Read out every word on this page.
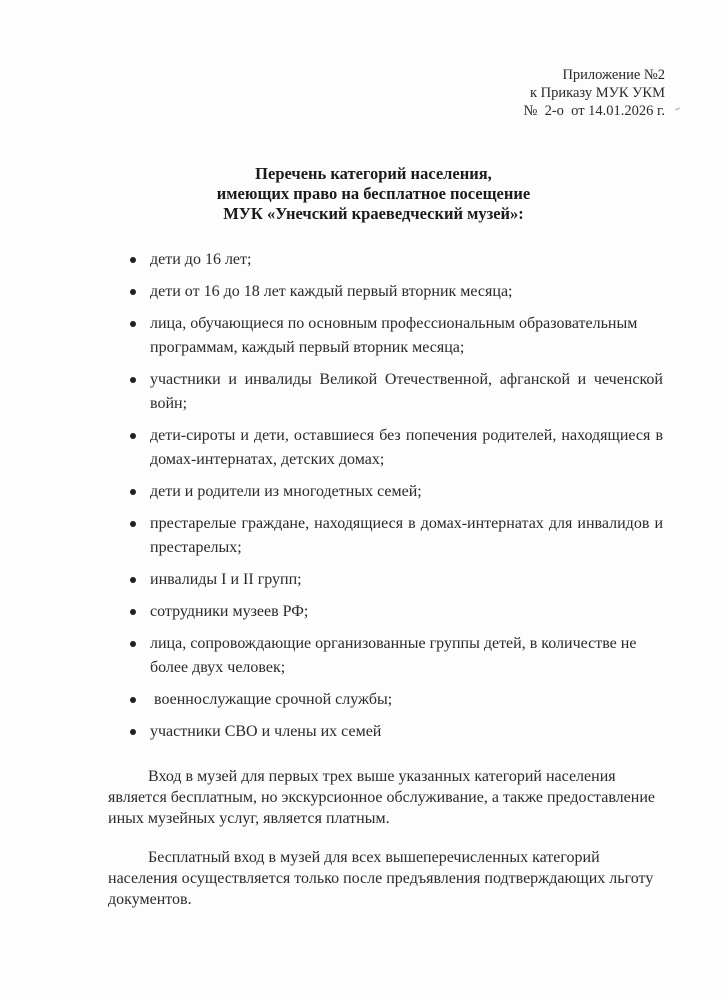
Приложение №2
к Приказу МУК УКМ
№  2-о  от 14.01.2026 г.
Перечень категорий населения,
имеющих право на бесплатное посещение
МУК «Унечский краеведческий музей»:
дети до 16 лет;
дети от 16 до 18 лет каждый первый вторник месяца;
лица, обучающиеся по основным профессиональным образовательным программам, каждый первый вторник месяца;
участники и инвалиды Великой Отечественной, афганской и чеченской войн;
дети-сироты и дети, оставшиеся без попечения родителей, находящиеся в домах-интернатах, детских домах;
дети и родители из многодетных семей;
престарелые граждане, находящиеся в домах-интернатах для инвалидов и престарелых;
инвалиды I и II групп;
сотрудники музеев РФ;
лица, сопровождающие организованные группы детей, в количестве не более двух человек;
военнослужащие срочной службы;
участники СВО и члены их семей

Вход в музей для первых трех выше указанных категорий населения является бесплатным, но экскурсионное обслуживание, а также предоставление иных музейных услуг, является платным.

Бесплатный вход в музей для всех вышеперечисленных категорий населения осуществляется только после предъявления подтверждающих льготу документов.
